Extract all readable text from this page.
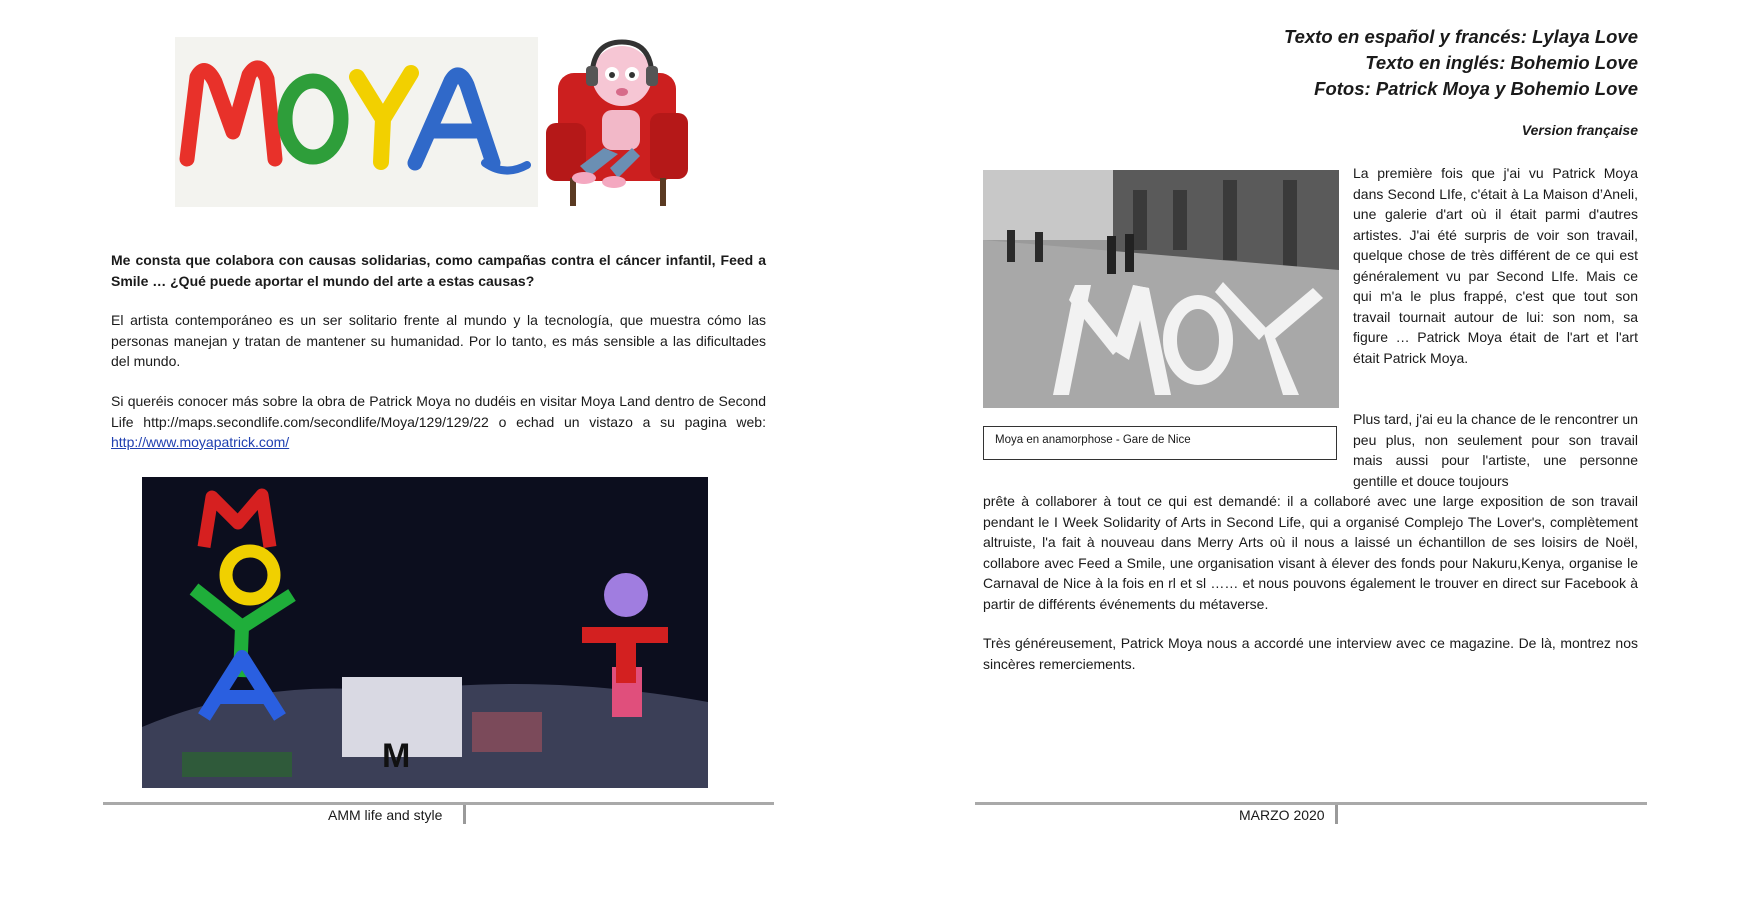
Me consta que colabora con causas solidarias, como campañas contra el cáncer infantil, Feed a Smile … ¿Qué puede aportar el mundo del arte a estas causas?
El artista contemporáneo es un ser solitario frente al mundo y la tecnología, que muestra cómo las personas manejan y tratan de mantener su humanidad. Por lo tanto, es más sensible a las dificultades del mundo.
Si queréis conocer más sobre la obra de Patrick Moya no dudéis en visitar Moya Land dentro de Second Life http://maps.secondlife.com/secondlife/Moya/129/129/22 o echad un vistazo a su pagina web: http://www.moyapatrick.com/
M
AMM life and style
Texto en español y francés: Lylaya Love
Texto en inglés: Bohemio Love
Fotos: Patrick Moya y Bohemio Love
Version française
Moya en anamorphose - Gare de Nice
La première fois que j'ai vu Patrick Moya dans Second LIfe, c'était à La Maison d’Aneli, une galerie d'art où il était parmi d'autres artistes. J'ai été surpris de voir son travail, quelque chose de très différent de ce qui est généralement vu par Second LIfe. Mais ce qui m'a le plus frappé, c'est que tout son travail tournait autour de lui: son nom, sa figure … Patrick Moya était de l'art et l'art était Patrick Moya.
Plus tard, j'ai eu la chance de le rencontrer un peu plus, non seulement pour son travail mais aussi pour l'artiste, une personne gentille et douce toujours
prête à collaborer à tout ce qui est demandé: il a collaboré avec une large exposition de son travail pendant le I Week Solidarity of Arts in Second Life, qui a organisé Complejo The Lover's, complètement altruiste, l'a fait à nouveau dans Merry Arts où il nous a laissé un échantillon de ses loisirs de Noël, collabore avec Feed a Smile, une organisation visant à élever des fonds pour Nakuru,Kenya, organise le Carnaval de Nice à la fois en rl et sl …… et nous pouvons également le trouver en direct sur Facebook à partir de différents événements du métaverse.
Très généreusement, Patrick Moya nous a accordé une interview avec ce magazine. De là, montrez nos sincères remerciements.
MARZO 2020
